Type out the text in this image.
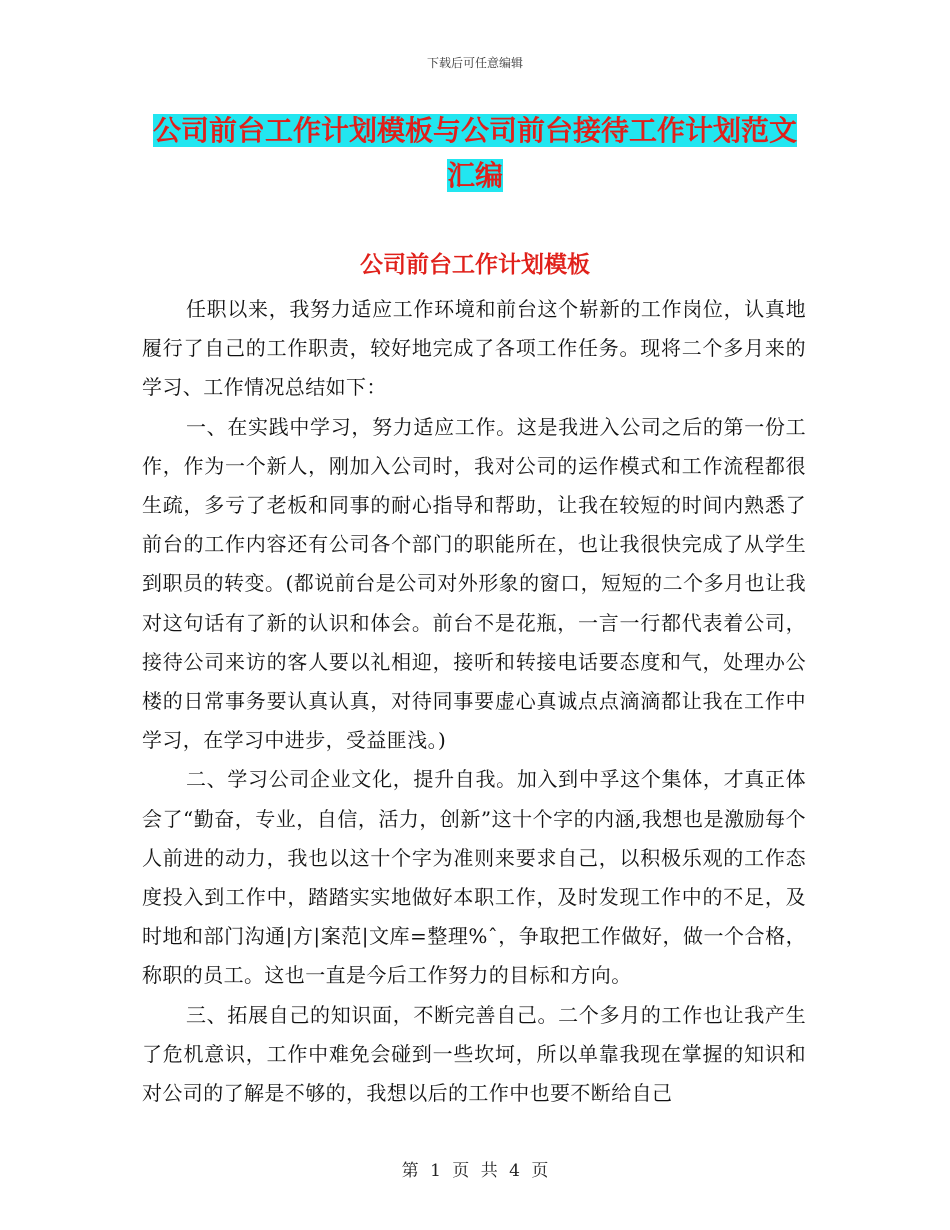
下载后可任意编辑
公司前台工作计划模板与公司前台接待工作计划范文汇编
公司前台工作计划模板

任职以来，我努力适应工作环境和前台这个崭新的工作岗位，认真地履行了自己的工作职责，较好地完成了各项工作任务。现将二个多月来的学习、工作情况总结如下：

一、在实践中学习，努力适应工作。这是我进入公司之后的第一份工作，作为一个新人，刚加入公司时，我对公司的运作模式和工作流程都很生疏，多亏了老板和同事的耐心指导和帮助，让我在较短的时间内熟悉了前台的工作内容还有公司各个部门的职能所在，也让我很快完成了从学生到职员的转变。(都说前台是公司对外形象的窗口，短短的二个多月也让我对这句话有了新的认识和体会。前台不是花瓶，一言一行都代表着公司，接待公司来访的客人要以礼相迎，接听和转接电话要态度和气，处理办公楼的日常事务要认真认真，对待同事要虚心真诚点点滴滴都让我在工作中学习，在学习中进步，受益匪浅。)

二、学习公司企业文化，提升自我。加入到中孚这个集体，才真正体会了“勤奋，专业，自信，活力，创新”这十个字的内涵,我想也是激励每个人前进的动力，我也以这十个字为准则来要求自己，以积极乐观的工作态度投入到工作中，踏踏实实地做好本职工作，及时发现工作中的不足，及时地和部门沟通|方|案范|文库=整理%ˆ，争取把工作做好，做一个合格，称职的员工。这也一直是今后工作努力的目标和方向。

三、拓展自己的知识面，不断完善自己。二个多月的工作也让我产生了危机意识，工作中难免会碰到一些坎坷，所以单靠我现在掌握的知识和对公司的了解是不够的，我想以后的工作中也要不断给自己

第 1 页 共 4 页
